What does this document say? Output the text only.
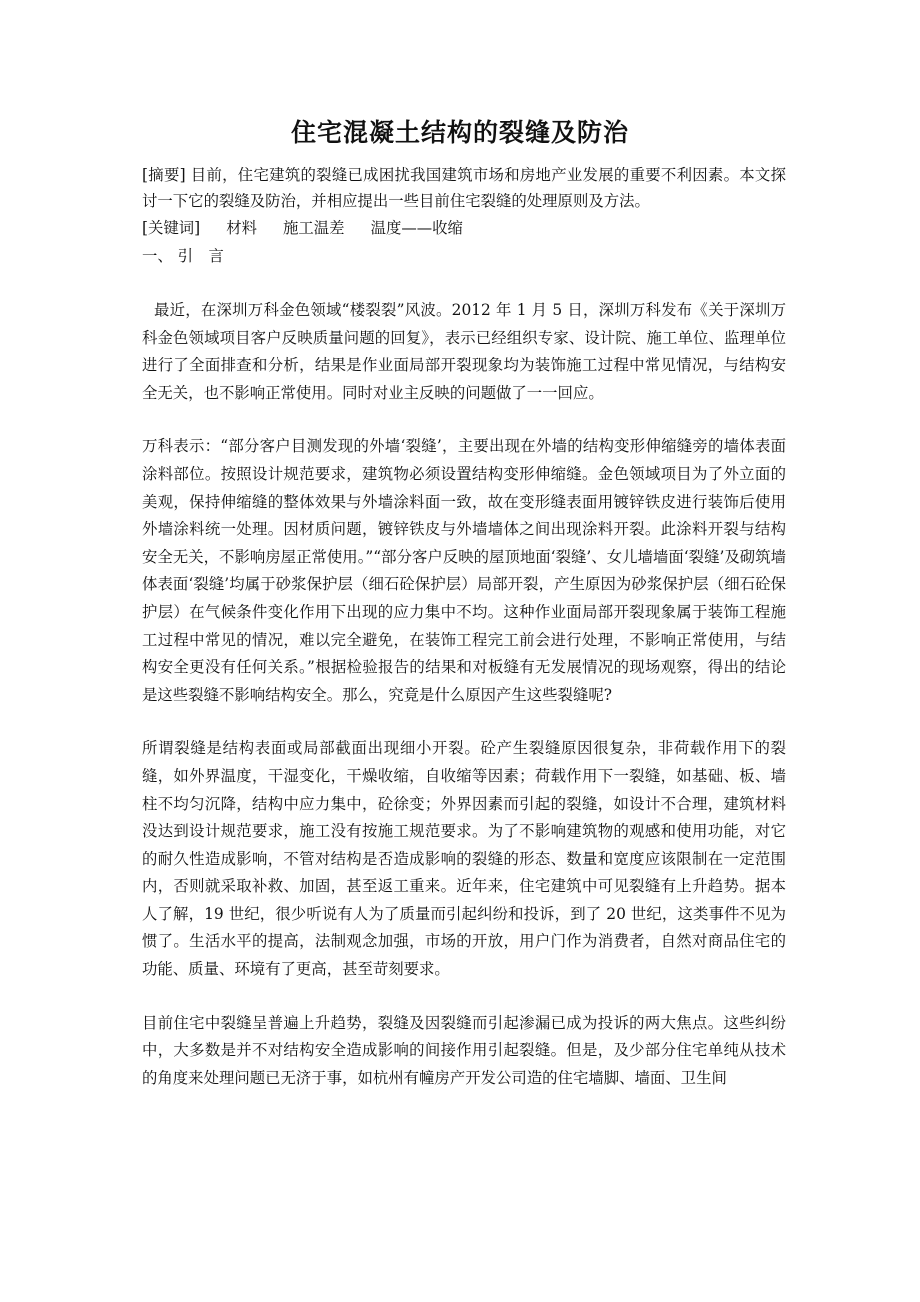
住宅混凝土结构的裂缝及防治

[摘要] 目前，住宅建筑的裂缝已成困扰我国建筑市场和房地产业发展的重要不利因素。本文探讨一下它的裂缝及防治，并相应提出一些目前住宅裂缝的处理原则及方法。

[关键词] 材料 施工温差 温度——收缩

一、 引　言

最近，在深圳万科金色领域“楼裂裂”风波。2012 年 1 月 5 日，深圳万科发布《关于深圳万科金色领域项目客户反映质量问题的回复》，表示已经组织专家、设计院、施工单位、监理单位进行了全面排查和分析，结果是作业面局部开裂现象均为装饰施工过程中常见情况，与结构安全无关，也不影响正常使用。同时对业主反映的问题做了一一回应。

万科表示：“部分客户目测发现的外墙‘裂缝’，主要出现在外墙的结构变形伸缩缝旁的墙体表面涂料部位。按照设计规范要求，建筑物必须设置结构变形伸缩缝。金色领域项目为了外立面的美观，保持伸缩缝的整体效果与外墙涂料面一致，故在变形缝表面用镀锌铁皮进行装饰后使用外墙涂料统一处理。因材质问题，镀锌铁皮与外墙墙体之间出现涂料开裂。此涂料开裂与结构安全无关，不影响房屋正常使用。”“部分客户反映的屋顶地面‘裂缝’、女儿墙墙面‘裂缝’及砌筑墙体表面‘裂缝’均属于砂浆保护层（细石砼保护层）局部开裂，产生原因为砂浆保护层（细石砼保护层）在气候条件变化作用下出现的应力集中不均。这种作业面局部开裂现象属于装饰工程施工过程中常见的情况，难以完全避免，在装饰工程完工前会进行处理，不影响正常使用，与结构安全更没有任何关系。”根据检验报告的结果和对板缝有无发展情况的现场观察，得出的结论是这些裂缝不影响结构安全。那么，究竟是什么原因产生这些裂缝呢?

所谓裂缝是结构表面或局部截面出现细小开裂。砼产生裂缝原因很复杂，非荷载作用下的裂缝，如外界温度，干湿变化，干燥收缩，自收缩等因素；荷载作用下一裂缝，如基础、板、墙柱不均匀沉降，结构中应力集中，砼徐变；外界因素而引起的裂缝，如设计不合理，建筑材料没达到设计规范要求，施工没有按施工规范要求。为了不影响建筑物的观感和使用功能，对它的耐久性造成影响，不管对结构是否造成影响的裂缝的形态、数量和宽度应该限制在一定范围内，否则就采取补救、加固，甚至返工重来。近年来，住宅建筑中可见裂缝有上升趋势。据本人了解，19 世纪，很少听说有人为了质量而引起纠纷和投诉，到了 20 世纪，这类事件不见为惯了。生活水平的提高，法制观念加强，市场的开放，用户门作为消费者，自然对商品住宅的功能、质量、环境有了更高，甚至苛刻要求。

目前住宅中裂缝呈普遍上升趋势，裂缝及因裂缝而引起渗漏已成为投诉的两大焦点。这些纠纷中，大多数是并不对结构安全造成影响的间接作用引起裂缝。但是，及少部分住宅单纯从技术的角度来处理问题已无济于事，如杭州有幢房产开发公司造的住宅墙脚、墙面、卫生间
